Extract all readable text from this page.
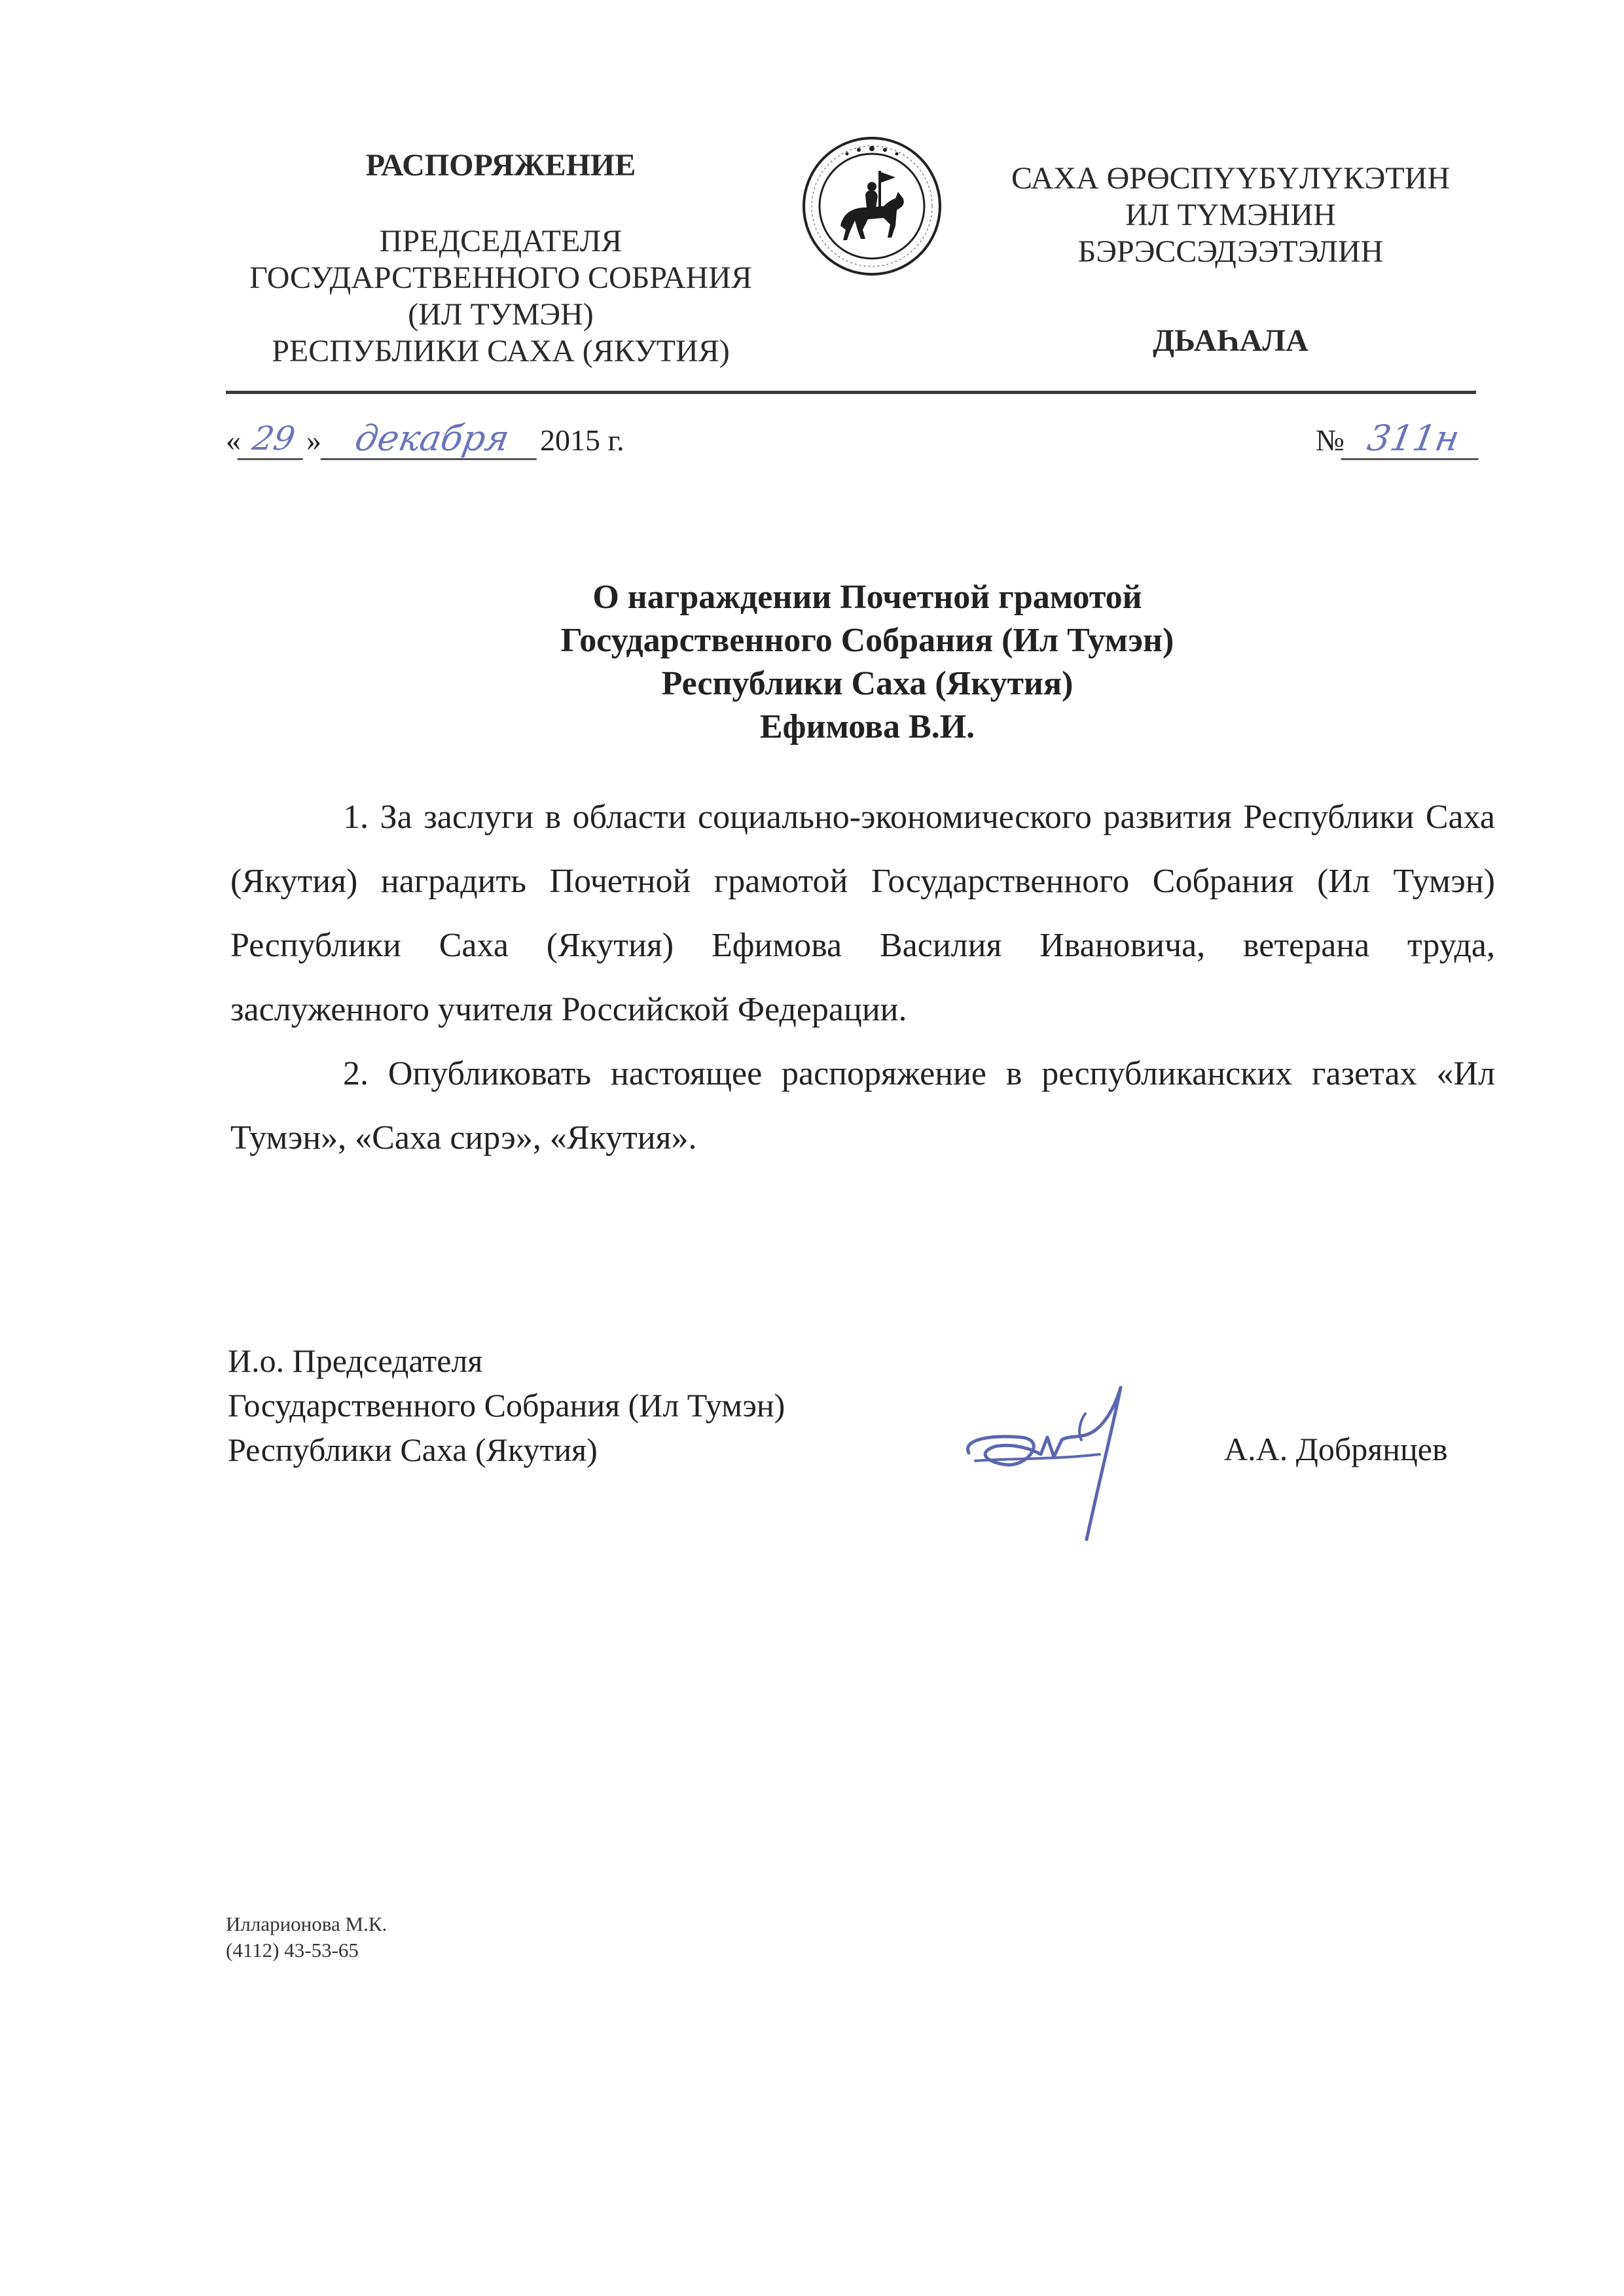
РАСПОРЯЖЕНИЕ
ПРЕДСЕДАТЕЛЯ
ГОСУДАРСТВЕННОГО СОБРАНИЯ
(ИЛ ТУМЭН)
РЕСПУБЛИКИ САХА (ЯКУТИЯ)
САХА ӨРӨСПҮҮБҮЛҮКЭТИН
ИЛ ТҮМЭНИН
БЭРЭССЭДЭЭТЭЛИН
ДЬАҺАЛА
« 29 » декабря 2015 г.	№ 311н
О награждении Почетной грамотой
Государственного Собрания (Ил Тумэн)
Республики Саха (Якутия)
Ефимова В.И.

1. За заслуги в области социально-экономического развития Республики Саха (Якутия) наградить Почетной грамотой Государственного Собрания (Ил Тумэн) Республики Саха (Якутия) Ефимова Василия Ивановича, ветерана труда, заслуженного учителя Российской Федерации.

2. Опубликовать настоящее распоряжение в республиканских газетах «Ил Тумэн», «Саха сирэ», «Якутия».

И.о. Председателя
Государственного Собрания (Ил Тумэн)
Республики Саха (Якутия)	А.А. Добрянцев
Илларионова М.К.
(4112) 43-53-65
